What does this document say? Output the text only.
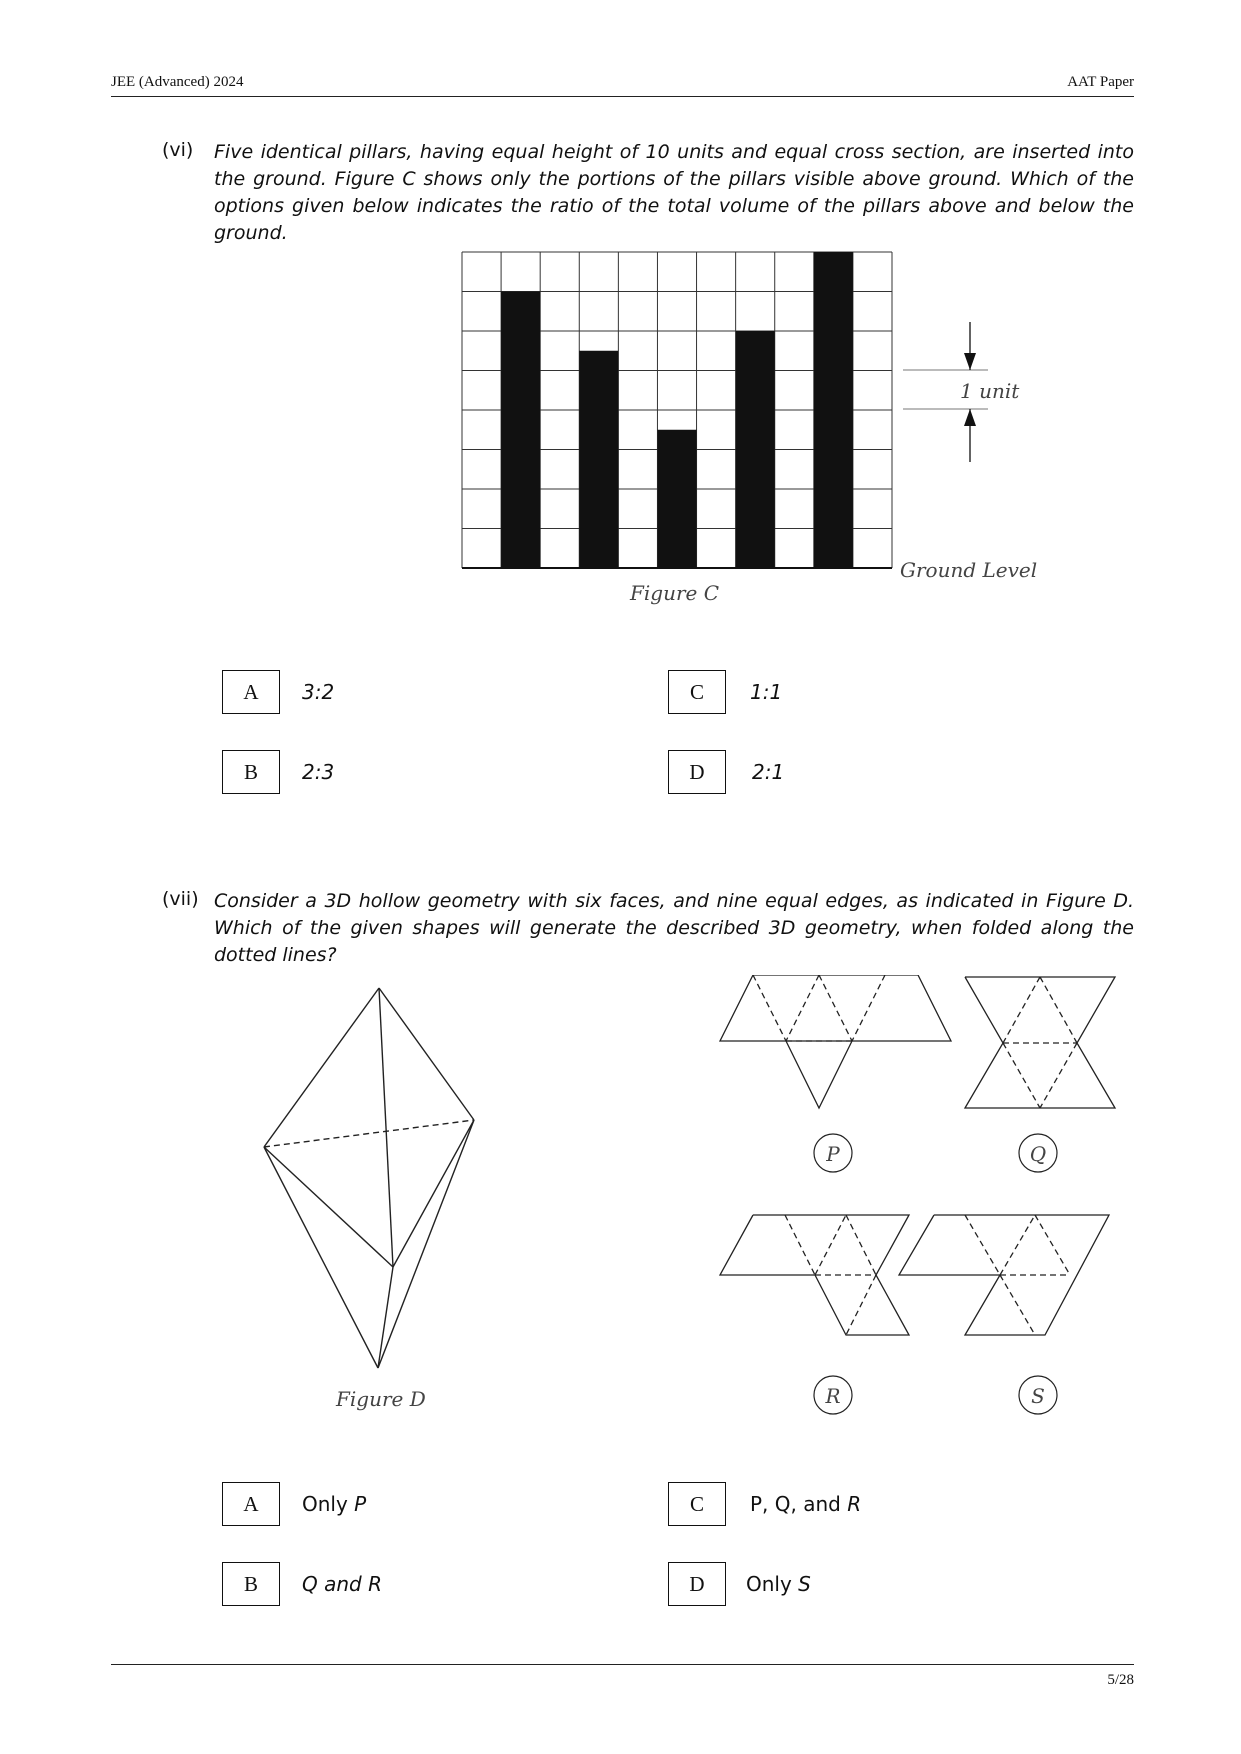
JEE (Advanced) 2024	AAT Paper
(vi) Five identical pillars, having equal height of 10 units and equal cross section, are inserted into the ground. Figure C shows only the portions of the pillars visible above ground. Which of the options given below indicates the ratio of the total volume of the pillars above and below the ground.
1 unit
Ground Level
Figure C
A	3:2
B	2:3
C	1:1
D	2:1
(vii) Consider a 3D hollow geometry with six faces, and nine equal edges, as indicated in Figure D. Which of the given shapes will generate the described 3D geometry, when folded along the dotted lines?
Figure D
P	Q
R	S
A	Only P
B	Q and R
C	P, Q, and R
D	Only S
5/28
